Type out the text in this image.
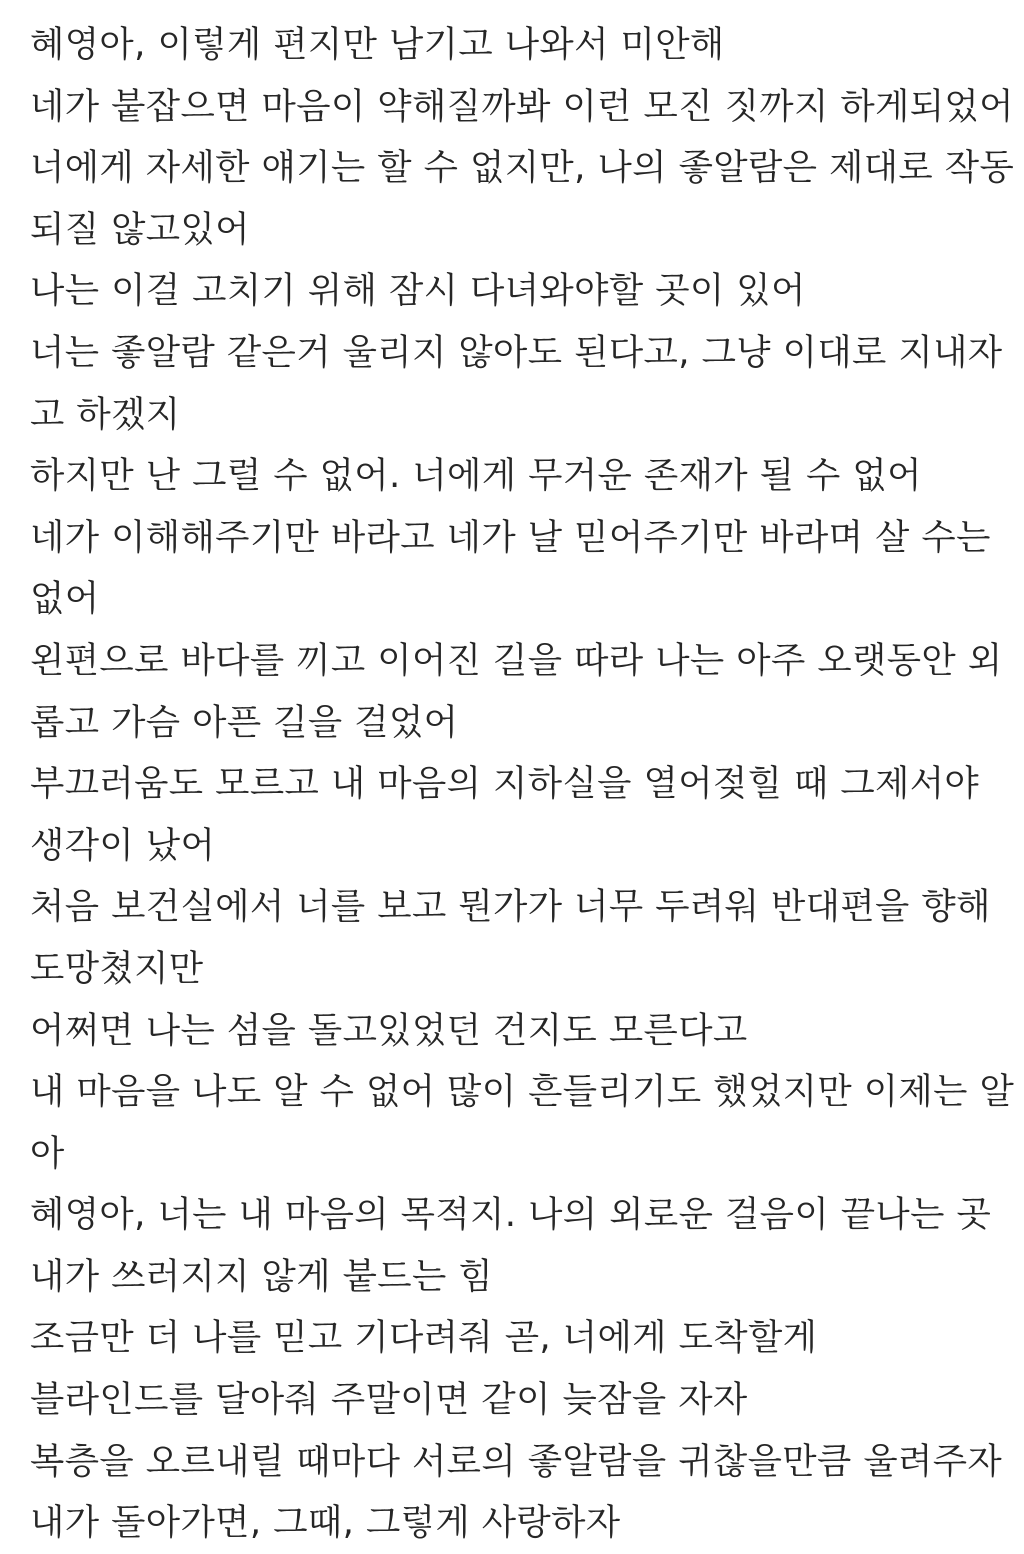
혜영아, 이렇게 편지만 남기고 나와서 미안해
네가 붙잡으면 마음이 약해질까봐 이런 모진 짓까지 하게되었어
너에게 자세한 얘기는 할 수 없지만, 나의 좋알람은 제대로 작동
되질 않고있어
나는 이걸 고치기 위해 잠시 다녀와야할 곳이 있어
너는 좋알람 같은거 울리지 않아도 된다고, 그냥 이대로 지내자
고 하겠지
하지만 난 그럴 수 없어. 너에게 무거운 존재가 될 수 없어
네가 이해해주기만 바라고 네가 날 믿어주기만 바라며 살 수는
없어
왼편으로 바다를 끼고 이어진 길을 따라 나는 아주 오랫동안 외
롭고 가슴 아픈 길을 걸었어
부끄러움도 모르고 내 마음의 지하실을 열어젖힐 때 그제서야
생각이 났어
처음 보건실에서 너를 보고 뭔가가 너무 두려워 반대편을 향해
도망쳤지만
어쩌면 나는 섬을 돌고있었던 건지도 모른다고
내 마음을 나도 알 수 없어 많이 흔들리기도 했었지만 이제는 알
아
혜영아, 너는 내 마음의 목적지. 나의 외로운 걸음이 끝나는 곳
내가 쓰러지지 않게 붙드는 힘
조금만 더 나를 믿고 기다려줘 곧, 너에게 도착할게
블라인드를 달아줘 주말이면 같이 늦잠을 자자
복층을 오르내릴 때마다 서로의 좋알람을 귀찮을만큼 울려주자
내가 돌아가면, 그때, 그렇게 사랑하자
